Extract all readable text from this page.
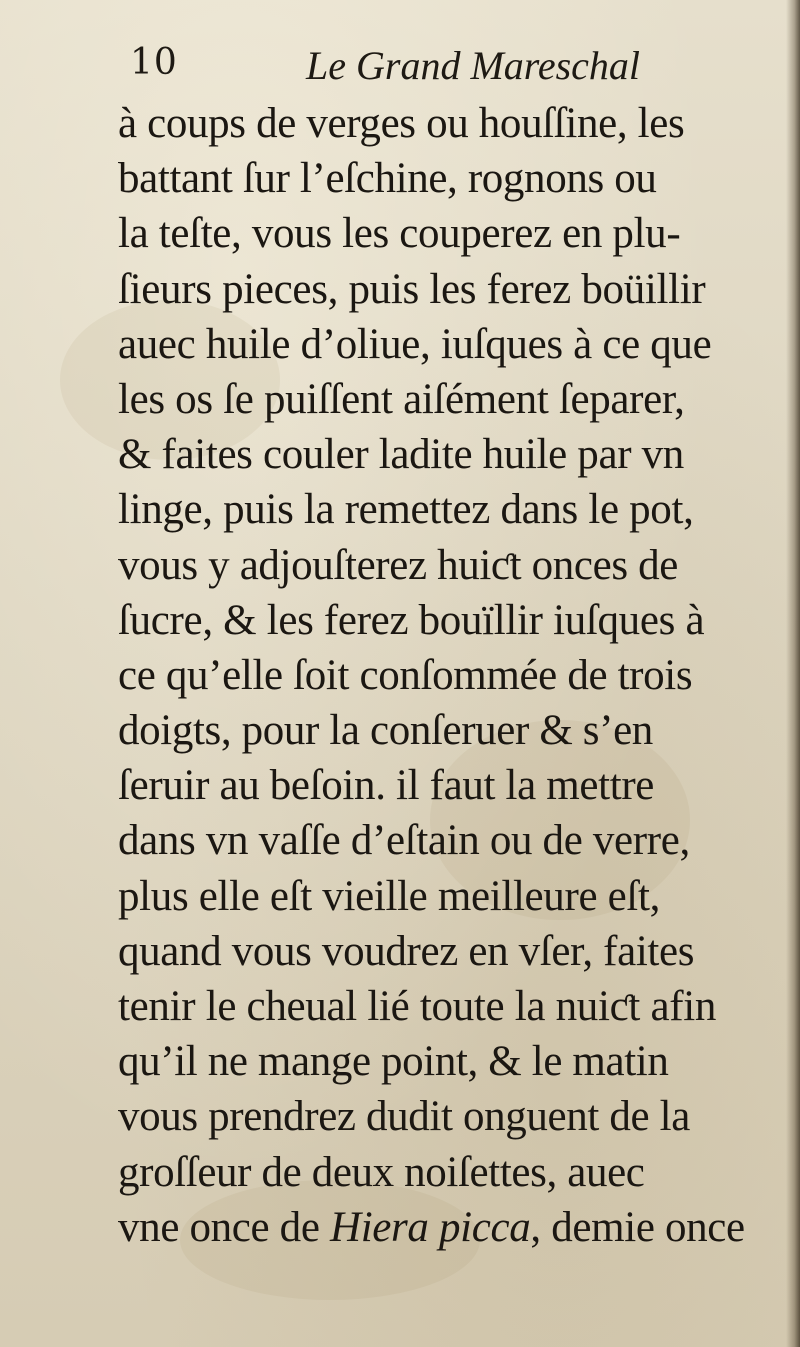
10	Le Grand Mareschal
à coups de verges ou houſſine, les
battant ſur l’eſchine, rognons ou
la teſte, vous les couperez en plu-
ſieurs pieces, puis les ferez boüillir
auec huile d’oliue, iuſques à ce que
les os ſe puiſſent aiſément ſeparer,
& faites couler ladite huile par vn
linge, puis la remettez dans le pot,
vous y adjouſterez huiƈt onces de
ſucre, & les ferez bouïllir iuſques à
ce qu’elle ſoit conſommée de trois
doigts, pour la conſeruer & s’en
ſeruir au beſoin. il faut la mettre
dans vn vaſſe d’eſtain ou de verre,
plus elle eſt vieille meilleure eſt,
quand vous voudrez en vſer, faites
tenir le cheual lié toute la nuiƈt afin
qu’il ne mange point, & le matin
vous prendrez dudit onguent de la
groſſeur de deux noiſettes, auec
vne once de Hiera picca, demie once
